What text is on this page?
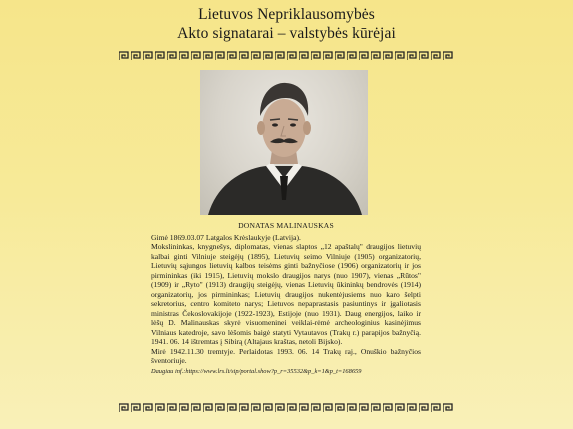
Lietuvos Nepriklausomybės
Akto signatarai – valstybės kūrėjai
DONATAS MALINAUSKAS

Gimė 1869.03.07 Latgalos Krėslaukyje (Latvija).

Mokslininkas, knygnešys, diplomatas, vienas slaptos „12 apaštalų" draugijos lietuvių kalbai ginti Vilniuje steigėjų (1895), Lietuvių seimo Vilniuje (1905) organizatorių, Lietuvių sąjungos lietuvių kalbos teisėms ginti bažnyčiose (1906) organizatorių ir jos pirmininkas (iki 1915), Lietuvių mokslo draugijos narys (nuo 1907), vienas „Rūtos" (1909) ir „Ryto" (1913) draugijų steigėjų, vienas Lietuvių ūkininkų bendrovės (1914) organizatorių, jos pirmininkas; Lietuvių draugijos nukentėjusiems nuo karo šelpti sekretorius, centro komiteto narys; Lietuvos nepaprastasis pasiuntinys ir įgaliotasis ministras Čekoslovakijoje (1922-1923), Estijoje (nuo 1931). Daug energijos, laiko ir lėšų D. Malinauskas skyrė visuomeninei veiklai-rėmė archeologinius kasinėjimus Vilniaus katedroje, savo lėšomis baigė statyti Vytautavos (Trakų r.) parapijos bažnyčią. 1941. 06. 14 ištremtas į Sibirą (Altajaus kraštas, netoli Bijsko).

Mirė 1942.11.30 tremtyje. Perlaidotas 1993. 06. 14 Trakų raj., Onuškio bažnyčios šventoriuje.

Daugiau inf.:https://www.lrs.lt/sip/portal.show?p_r=35532&p_k=1&p_t=168659
